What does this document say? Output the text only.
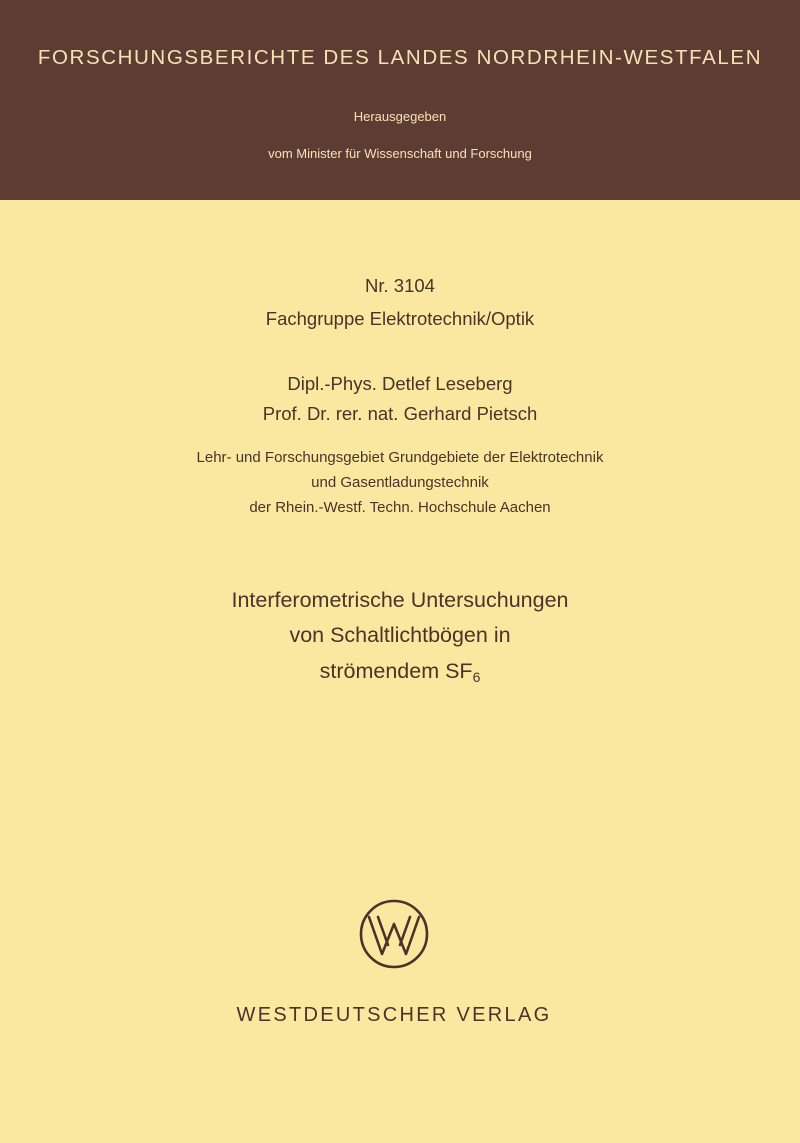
FORSCHUNGSBERICHTE DES LANDES NORDRHEIN-WESTFALEN
Herausgegeben
vom Minister für Wissenschaft und Forschung
Nr. 3104
Fachgruppe Elektrotechnik/Optik
Dipl.-Phys. Detlef Leseberg
Prof. Dr. rer. nat. Gerhard Pietsch
Lehr- und Forschungsgebiet Grundgebiete der Elektrotechnik
und Gasentladungstechnik
der Rhein.-Westf. Techn. Hochschule Aachen
Interferometrische Untersuchungen
von Schaltlichtbögen in
strömendem $SF_6$
WESTDEUTSCHER VERLAG
